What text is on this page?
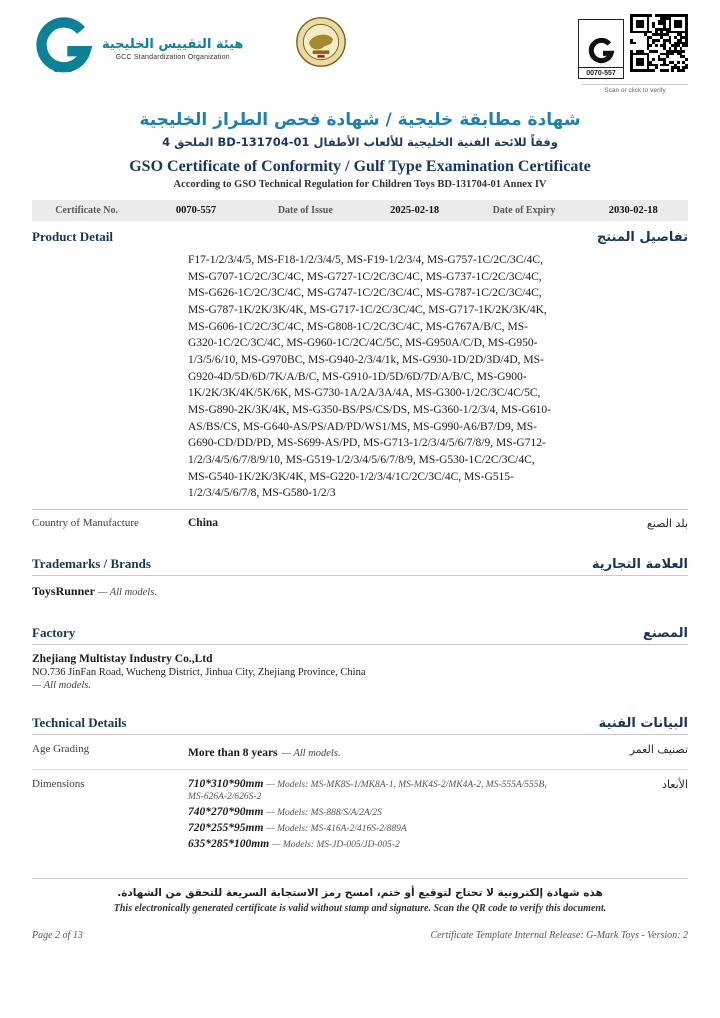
GSO
هيئة التقييس الخليجية
GCC Standardization Organization
0070-557
Scan or click to verify
شهادة مطابقة خليجية / شهادة فحص الطراز الخليجية
وفقاً للائحة الفنية الخليجية للألعاب الأطفال BD-131704-01 الملحق 4
GSO Certificate of Conformity / Gulf Type Examination Certificate
According to GSO Technical Regulation for Children Toys BD-131704-01 Annex IV
Certificate No.	0070-557	Date of Issue	2025-02-18	Date of Expiry	2030-02-18
Product Detail	تفاصيل المنتج
F17-1/2/3/4/5, MS-F18-1/2/3/4/5, MS-F19-1/2/3/4, MS-G757-1C/2C/3C/4C, MS-G707-1C/2C/3C/4C, MS-G727-1C/2C/3C/4C, MS-G737-1C/2C/3C/4C, MS-G626-1C/2C/3C/4C, MS-G747-1C/2C/3C/4C, MS-G787-1C/2C/3C/4C, MS-G787-1K/2K/3K/4K, MS-G717-1C/2C/3C/4C, MS-G717-1K/2K/3K/4K, MS-G606-1C/2C/3C/4C, MS-G808-1C/2C/3C/4C, MS-G767A/B/C, MS-G320-1C/2C/3C/4C, MS-G960-1C/2C/4C/5C, MS-G950A/C/D, MS-G950-1/3/5/6/10, MS-G970BC, MS-G940-2/3/4/1k, MS-G930-1D/2D/3D/4D, MS-G920-4D/5D/6D/7K/A/B/C, MS-G910-1D/5D/6D/7D/A/B/C, MS-G900-1K/2K/3K/4K/5K/6K, MS-G730-1A/2A/3A/4A, MS-G300-1/2C/3C/4C/5C, MS-G890-2K/3K/4K, MS-G350-BS/PS/CS/DS, MS-G360-1/2/3/4, MS-G610-AS/BS/CS, MS-G640-AS/PS/AD/PD/WS1/MS, MS-G990-A6/B7/D9, MS-G690-CD/DD/PD, MS-S699-AS/PD, MS-G713-1/2/3/4/5/6/7/8/9, MS-G712-1/2/3/4/5/6/7/8/9/10, MS-G519-1/2/3/4/5/6/7/8/9, MS-G530-1C/2C/3C/4C, MS-G540-1K/2K/3K/4K, MS-G220-1/2/3/4/1C/2C/3C/4C, MS-G515-1/2/3/4/5/6/7/8, MS-G580-1/2/3
Country of Manufacture	China	بلد الصنع
Trademarks / Brands	العلامة التجارية
ToysRunner — All models.
Factory	المصنع
Zhejiang Multistay Industry Co.,Ltd
NO.736 JinFan Road, Wucheng District, Jinhua City, Zhejiang Province, China
— All models.
Technical Details	البيانات الفنية
Age Grading	More than 8 years — All models.	تصنيف العمر
Dimensions	710*310*90mm — Models: MS-MK8S-1/MK8A-1, MS-MK4S-2/MK4A-2, MS-555A/555B, MS-626A-2/626S-2
740*270*90mm — Models: MS-888/S/A/2A/2S
720*255*95mm — Models: MS-416A-2/416S-2/889A
635*285*100mm — Models: MS-JD-005/JD-005-2
الأبعاد
هذه شهادة إلكترونية لا تحتاج لتوقيع أو ختم، امسح رمز الاستجابة السريعة للتحقق من الشهادة.
This electronically generated certificate is valid without stamp and signature. Scan the QR code to verify this document.
Page 2 of 13	Certificate Template Internal Release: G-Mark Toys - Version: 2
